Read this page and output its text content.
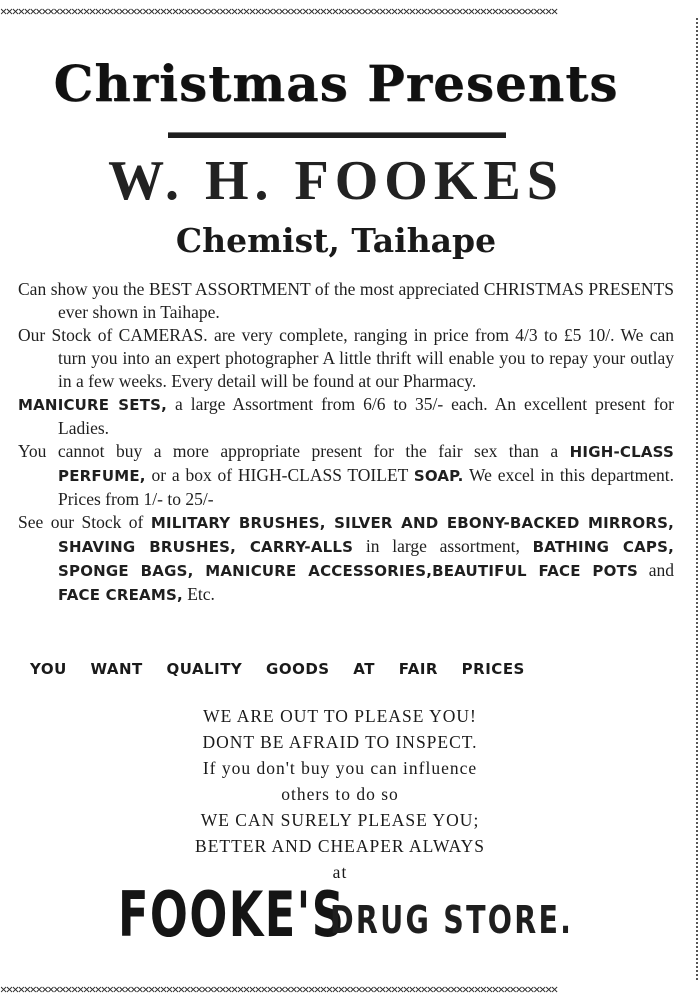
✕✕✕✕✕✕✕✕✕✕✕✕✕✕✕✕✕✕✕✕✕✕✕✕✕✕✕✕✕✕✕✕✕✕✕✕✕✕✕✕✕✕✕✕✕✕✕✕✕✕✕✕✕✕✕✕✕✕✕✕✕✕✕✕✕✕✕✕✕✕✕✕✕✕✕✕✕✕✕✕✕✕✕✕✕✕✕✕✕✕✕✕✕✕
Christmas Presents
W. H. FOOKES
Chemist, Taihape

Can show you the BEST ASSORTMENT of the most appreciated CHRISTMAS PRESENTS ever shown in Taihape.

Our Stock of CAMERAS. are very complete, ranging in price from 4/3 to £5 10/. We can turn you into an expert photographer A little thrift will enable you to repay your outlay in a few weeks. Every detail will be found at our Pharmacy.

MANICURE SETS, a large Assortment from 6/6 to 35/- each. An excellent present for Ladies.

You cannot buy a more appropriate present for the fair sex than a HIGH-CLASS PERFUME, or a box of HIGH-CLASS TOILET SOAP. We excel in this department. Prices from 1/- to 25/-

See our Stock of MILITARY BRUSHES, SILVER AND EBONY-BACKED MIRRORS, SHAVING BRUSHES, CARRY-ALLS in large assortment, BATHING CAPS, SPONGE BAGS, MANICURE ACCESSORIES,BEAUTIFUL FACE POTS and FACE CREAMS, Etc.

YOU WANT QUALITY GOODS AT FAIR PRICES
WE ARE OUT TO PLEASE YOU!
DONT BE AFRAID TO INSPECT.
If you don't buy you can influence
others to do so
WE CAN SURELY PLEASE YOU;
BETTER AND CHEAPER ALWAYS
at
FOOKE'S
DRUG STORE.
✕✕✕✕✕✕✕✕✕✕✕✕✕✕✕✕✕✕✕✕✕✕✕✕✕✕✕✕✕✕✕✕✕✕✕✕✕✕✕✕✕✕✕✕✕✕✕✕✕✕✕✕✕✕✕✕✕✕✕✕✕✕✕✕✕✕✕✕✕✕✕✕✕✕✕✕✕✕✕✕✕✕✕✕✕✕✕✕✕✕✕✕✕✕
